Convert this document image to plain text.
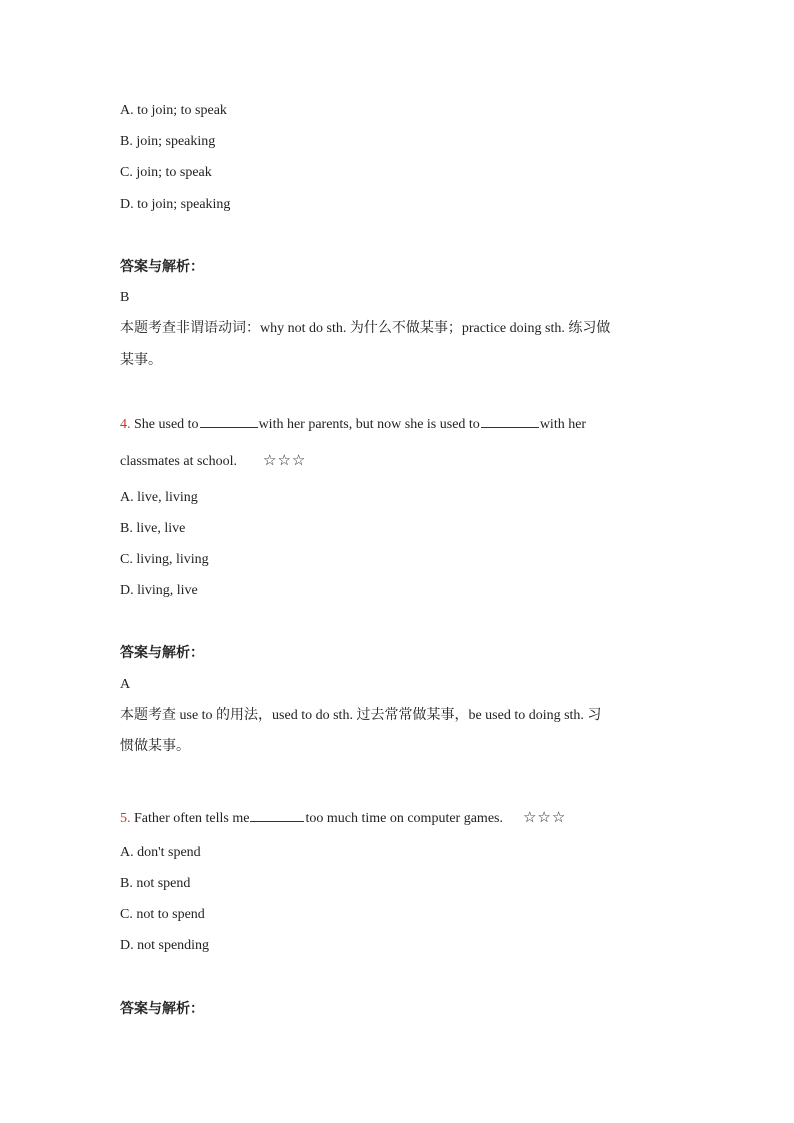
A. to join; to speak
B. join; speaking
C. join; to speak
D. to join; speaking
答案与解析：
B
本题考查非谓语动词：why not do sth. 为什么不做某事；practice doing sth. 练习做
某事。
4. She used to	with her parents, but now she is used to	with her
classmates at school. ☆☆☆
A. live, living
B. live, live
C. living, living
D. living, live
答案与解析：
A
本题考查 use to 的用法，used to do sth. 过去常常做某事，be used to doing sth. 习
惯做某事。
5. Father often tells me	too much time on computer games. ☆☆☆
A. don't spend
B. not spend
C. not to spend
D. not spending
答案与解析：
